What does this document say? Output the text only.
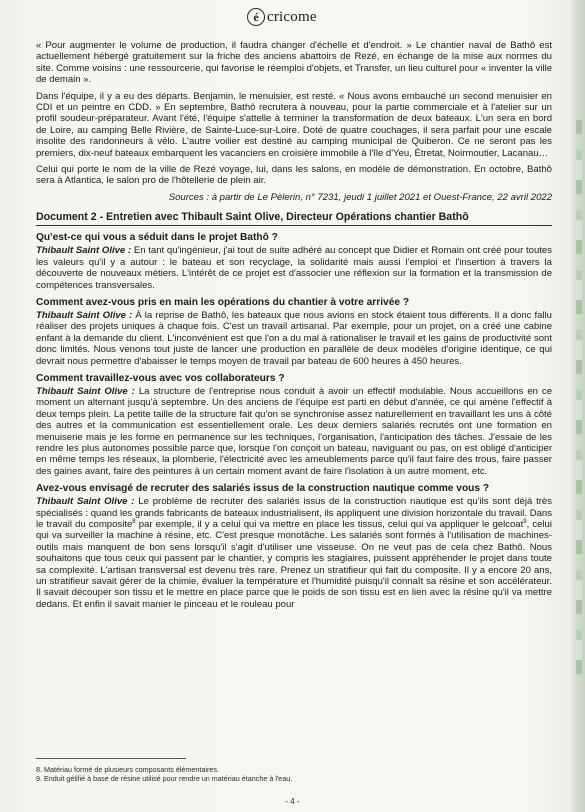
é cricome

« Pour augmenter le volume de production, il faudra changer d'échelle et d'endroit. » Le chantier naval de Bathô est actuellement hébergé gratuitement sur la friche des anciens abattoirs de Rezé, en échange de la mise aux normes du site. Comme voisins : une ressourcerie, qui favorise le réemploi d'objets, et Transfer, un lieu culturel pour « inventer la ville de demain ».

Dans l'équipe, il y a eu des départs. Benjamin, le menuisier, est resté. « Nous avons embauché un second menuisier en CDI et un peintre en CDD. » En septembre, Bathô recrutera à nouveau, pour la partie commerciale et à l'atelier sur un profil soudeur-préparateur. Avant l'été, l'équipe s'attelle à terminer la transformation de deux bateaux. L'un sera en bord de Loire, au camping Belle Rivière, de Sainte-Luce-sur-Loire. Doté de quatre couchages, il sera parfait pour une escale insolite des randonneurs à vélo. L'autre voilier est destiné au camping municipal de Quiberon. Ce ne seront pas les premiers, dix-neuf bateaux embarquent les vacanciers en croisière immobile à l'île d'Yeu, Étretat, Noirmoutier, Lacanau…

Celui qui porte le nom de la ville de Rezé voyage, lui, dans les salons, en modèle de démonstration. En octobre, Bathô sera à Atlantica, le salon pro de l'hôtellerie de plein air.

Sources : à partir de Le Pèlerin, n° 7231, jeudi 1 juillet 2021 et Ouest-France, 22 avril 2022

Document 2 - Entretien avec Thibault Saint Olive, Directeur Opérations chantier Bathô

Qu'est-ce qui vous a séduit dans le projet Bathô ?

Thibault Saint Olive : En tant qu'ingénieur, j'ai tout de suite adhéré au concept que Didier et Romain ont créé pour toutes les valeurs qu'il y a autour : le bateau et son recyclage, la solidarité mais aussi l'emploi et l'insertion à travers la découverte de nouveaux métiers. L'intérêt de ce projet est d'associer une réflexion sur la formation et la transmission de compétences transversales.

Comment avez-vous pris en main les opérations du chantier à votre arrivée ?

Thibault Saint Olive : À la reprise de Bathô, les bateaux que nous avions en stock étaient tous différents. Il a donc fallu réaliser des projets uniques à chaque fois. C'est un travail artisanal. Par exemple, pour un projet, on a créé une cabine enfant à la demande du client. L'inconvénient est que l'on a du mal à rationaliser le travail et les gains de productivité sont donc limités. Nous venons tout juste de lancer une production en parallèle de deux modèles d'origine identique, ce qui devrait nous permettre d'abaisser le temps moyen de travail par bateau de 600 heures à 450 heures.

Comment travaillez-vous avec vos collaborateurs ?

Thibault Saint Olive : La structure de l'entreprise nous conduit à avoir un effectif modulable. Nous accueillons en ce moment un alternant jusqu'à septembre. Un des anciens de l'équipe est parti en début d'année, ce qui amène l'effectif à deux temps plein. La petite taille de la structure fait qu'on se synchronise assez naturellement en travaillant les uns à côté des autres et la communication est essentiellement orale. Les deux derniers salariés recrutés ont une formation en menuiserie mais je les forme en permanence sur les techniques, l'organisation, l'anticipation des tâches. J'essaie de les rendre les plus autonomes possible parce que, lorsque l'on conçoit un bateau, naviguant ou pas, on est obligé d'anticiper en même temps les réseaux, la plomberie, l'électricité avec les ameublements parce qu'il faut faire des trous, faire passer des gaines avant, faire des peintures à un certain moment avant de faire l'isolation à un autre moment, etc.

Avez-vous envisagé de recruter des salariés issus de la construction nautique comme vous ?

Thibault Saint Olive : Le problème de recruter des salariés issus de la construction nautique est qu'ils sont déjà très spécialisés : quand les grands fabricants de bateaux industrialisent, ils appliquent une division horizontale du travail. Dans le travail du composite$^8$ par exemple, il y a celui qui va mettre en place les tissus, celui qui va appliquer le gelcoat$^9$, celui qui va surveiller la machine à résine, etc. C'est presque monotâche. Les salariés sont formés à l'utilisation de machines-outils mais manquent de bon sens lorsqu'il s'agit d'utiliser une visseuse. On ne veut pas de cela chez Bathô. Nous souhaitons que tous ceux qui passent par le chantier, y compris les stagiaires, puissent appréhender le projet dans toute sa complexité. L'artisan transversal est devenu très rare. Prenez un stratifieur qui fait du composite. Il y a encore 20 ans, un stratifieur savait gérer de la chimie, évaluer la température et l'humidité puisqu'il connaît sa résine et son accélérateur. Il savait découper son tissu et le mettre en place parce que le poids de son tissu est en lien avec la résine qu'il va mettre dedans. Et enfin il savait manier le pinceau et le rouleau pour

8. Matériau formé de plusieurs composants élémentaires.
9. Enduit gélifié à base de résine utilisé pour rendre un matériau étanche à l'eau.
- 4 -
